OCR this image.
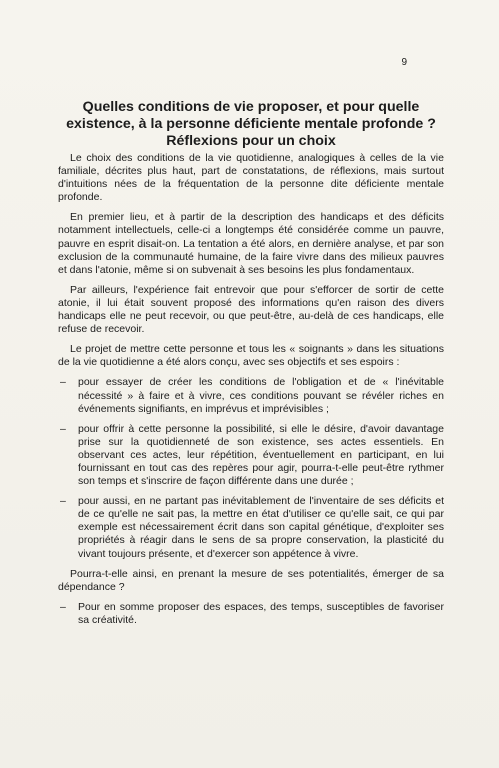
9
Quelles conditions de vie proposer, et pour quelle
existence, à la personne déficiente mentale profonde ?
Réflexions pour un choix

Le choix des conditions de la vie quotidienne, analogiques à celles de la vie familiale, décrites plus haut, part de constatations, de réflexions, mais surtout d'intuitions nées de la fréquentation de la personne dite déficiente mentale profonde.

En premier lieu, et à partir de la description des handicaps et des déficits notamment intellectuels, celle-ci a longtemps été considérée comme un pauvre, pauvre en esprit disait-on. La tentation a été alors, en dernière analyse, et par son exclusion de la communauté humaine, de la faire vivre dans des milieux pauvres et dans l'atonie, même si on subvenait à ses besoins les plus fondamentaux.

Par ailleurs, l'expérience fait entrevoir que pour s'efforcer de sortir de cette atonie, il lui était souvent proposé des informations qu'en raison des divers handicaps elle ne peut recevoir, ou que peut-être, au-delà de ces handicaps, elle refuse de recevoir.

Le projet de mettre cette personne et tous les « soignants » dans les situations de la vie quotidienne a été alors conçu, avec ses objectifs et ses espoirs :

– pour essayer de créer les conditions de l'obligation et de « l'inévitable nécessité » à faire et à vivre, ces conditions pouvant se révéler riches en événements signifiants, en imprévus et imprévisibles ;
– pour offrir à cette personne la possibilité, si elle le désire, d'avoir davantage prise sur la quotidienneté de son existence, ses actes essentiels. En observant ces actes, leur répétition, éventuellement en participant, en lui fournissant en tout cas des repères pour agir, pourra-t-elle peut-être rythmer son temps et s'inscrire de façon différente dans une durée ;
– pour aussi, en ne partant pas inévitablement de l'inventaire de ses déficits et de ce qu'elle ne sait pas, la mettre en état d'utiliser ce qu'elle sait, ce qui par exemple est nécessairement écrit dans son capital génétique, d'exploiter ses propriétés à réagir dans le sens de sa propre conservation, la plasticité du vivant toujours présente, et d'exercer son appétence à vivre.

Pourra-t-elle ainsi, en prenant la mesure de ses potentialités, émerger de sa dépendance ?

– Pour en somme proposer des espaces, des temps, susceptibles de favoriser sa créativité.
